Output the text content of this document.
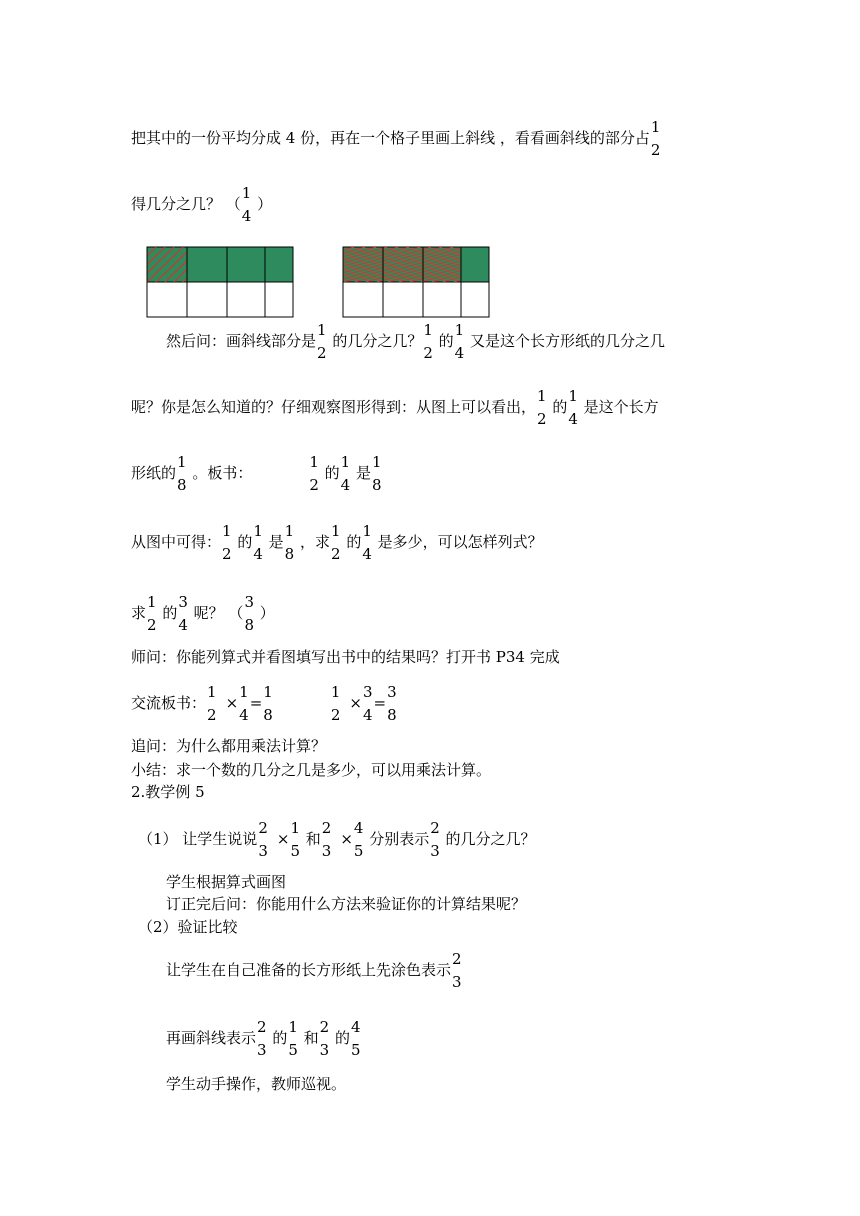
把其中的一份平均分成 4 份，再在一个格子里画上斜线 ，看看画斜线的部分占
1
2
得几分之几？ （
1
4
）
然后问：画斜线部分是
1
2
的几分之几？
1
2
的
1
4
又是这个长方形纸的几分之几
呢？你是怎么知道的？仔细观察图形得到：从图上可以看出，
1
2
的
1
4
是这个长方
形纸的
1
8
。板书：
1
2
的
1
4
是
1
8
从图中可得：
1
2
的
1
4
是
1
8
，求
1
2
的
1
4
是多少，可以怎样列式？
求
1
2
的
3
4
呢？ （
3
8
）
师问：你能列算式并看图填写出书中的结果吗？打开书 P34 完成
交流板书：
1
2
×
1
4
=
1
8
1
2
×
3
4
=
3
8
追问：为什么都用乘法计算？
小结：求一个数的几分之几是多少，可以用乘法计算。
2.教学例 5
（1） 让学生说说
2
3
×
1
5
和
2
3
×
4
5
分别表示
2
3
的几分之几？
学生根据算式画图
订正完后问：你能用什么方法来验证你的计算结果呢？
（2）验证比较
让学生在自己准备的长方形纸上先涂色表示
2
3
再画斜线表示
2
3
的
1
5
和
2
3
的
4
5
学生动手操作，教师巡视。
